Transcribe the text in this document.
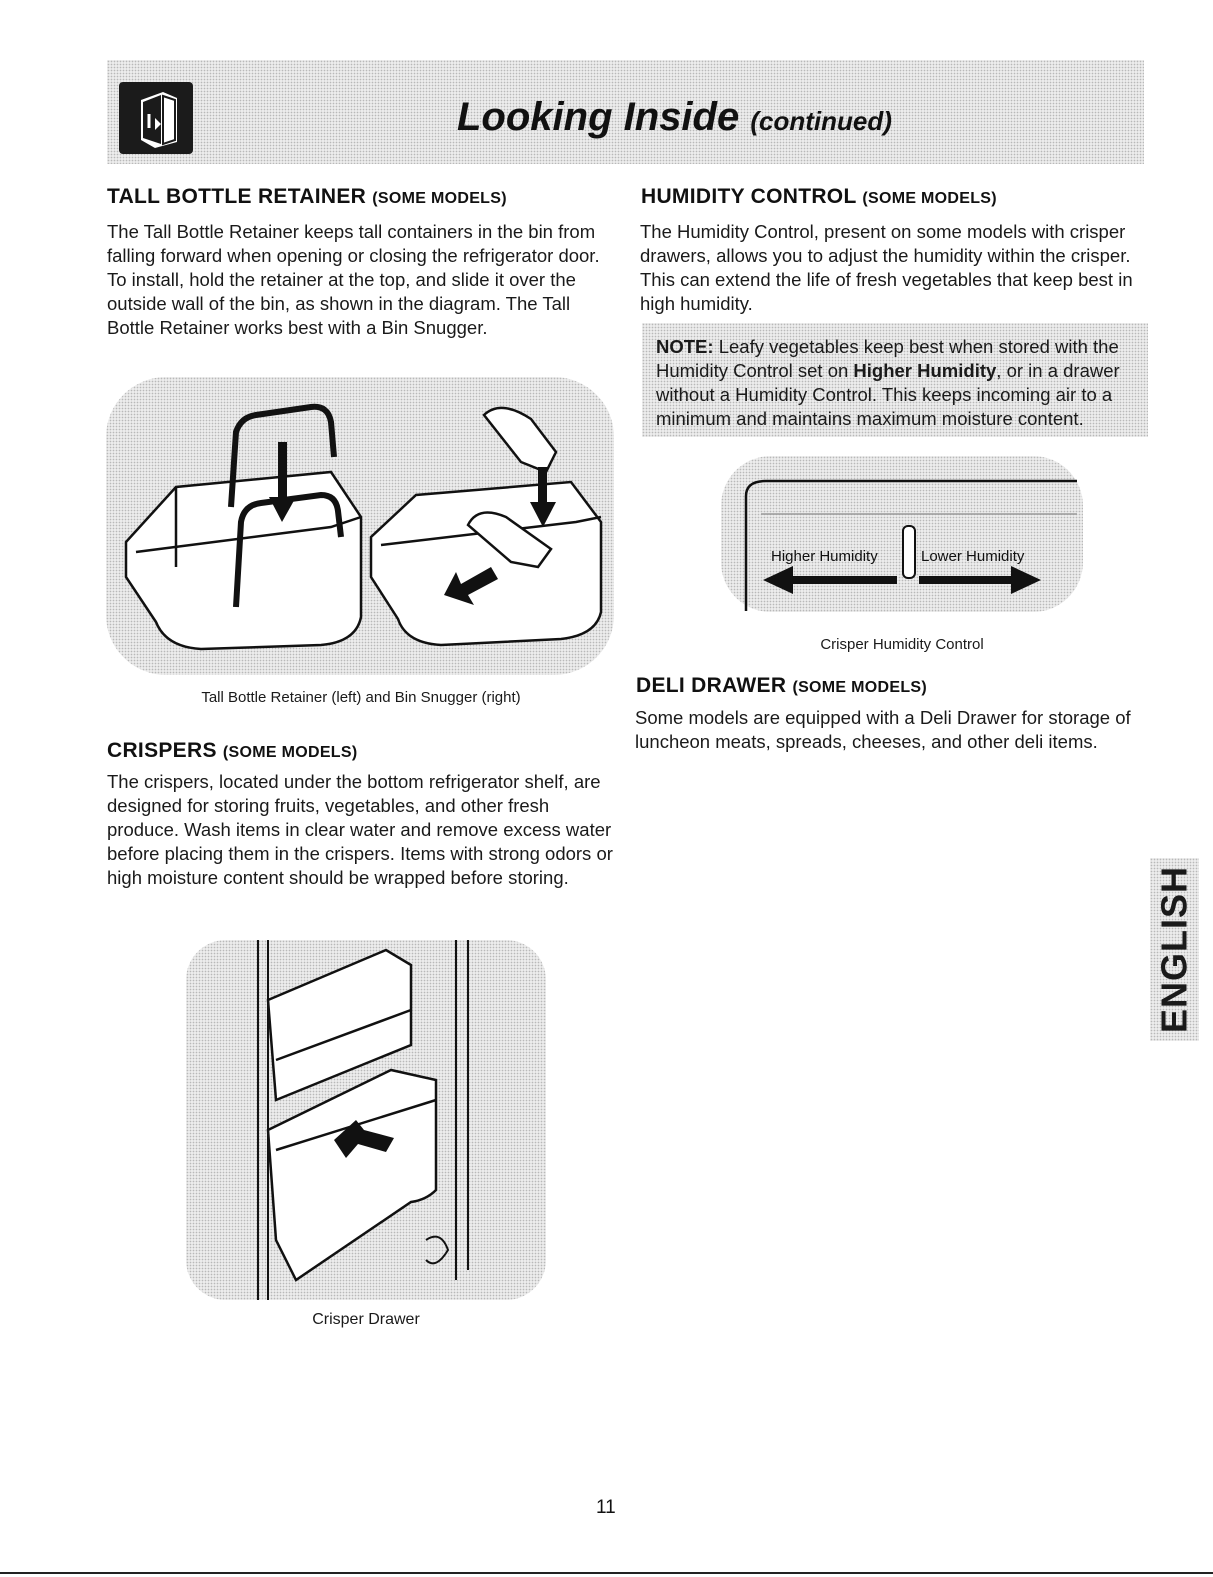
Looking Inside (continued)
TALL BOTTLE RETAINER (SOME MODELS)
The Tall Bottle Retainer keeps tall containers in the bin from falling forward when opening or closing the refrigerator door. To install, hold the retainer at the top, and slide it over the outside wall of the bin, as shown in the diagram. The Tall Bottle Retainer works best with a Bin Snugger.
Tall Bottle Retainer (left) and Bin Snugger (right)
CRISPERS (SOME MODELS)
The crispers, located under the bottom refrigerator shelf, are designed for storing fruits, vegetables, and other fresh produce. Wash items in clear water and remove excess water before placing them in the crispers. Items with strong odors or high moisture content should be wrapped before storing.
Crisper Drawer
HUMIDITY CONTROL (SOME MODELS)
The Humidity Control, present on some models with crisper drawers, allows you to adjust the humidity within the crisper. This can extend the life of fresh vegetables that keep best in high humidity.
NOTE: Leafy vegetables keep best when stored with the Humidity Control set on Higher Humidity, or in a drawer without a Humidity Control. This keeps incoming air to a minimum and maintains maximum moisture content.
Higher Humidity	Lower Humidity
Crisper Humidity Control
DELI DRAWER (SOME MODELS)
Some models are equipped with a Deli Drawer for storage of luncheon meats, spreads, cheeses, and other deli items.
ENGLISH
11
